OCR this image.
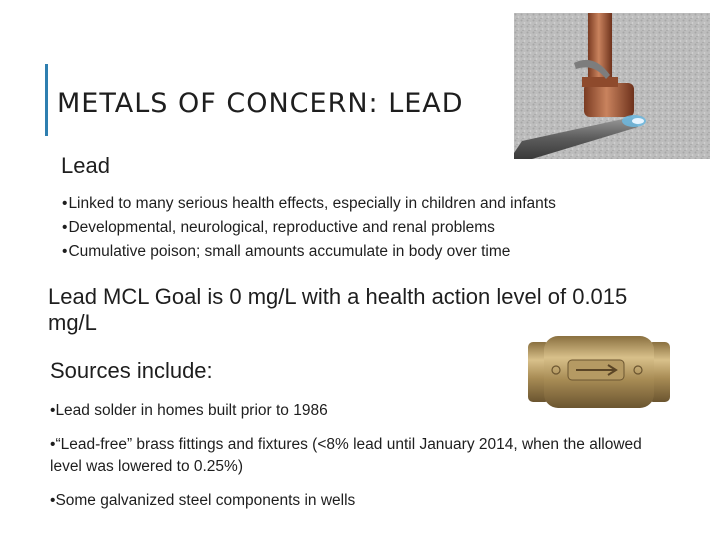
METALS OF CONCERN: LEAD
Lead
• Linked to many serious health effects, especially in children and infants
• Developmental, neurological, reproductive and renal problems
• Cumulative poison; small amounts accumulate in body over time
Lead MCL Goal is 0 mg/L with a health action level of 0.015 mg/L
Sources include:
• Lead solder in homes built prior to 1986
• “Lead-free” brass fittings and fixtures (<8% lead until January 2014, when the allowed level was lowered to 0.25%)
• Some galvanized steel components in wells
